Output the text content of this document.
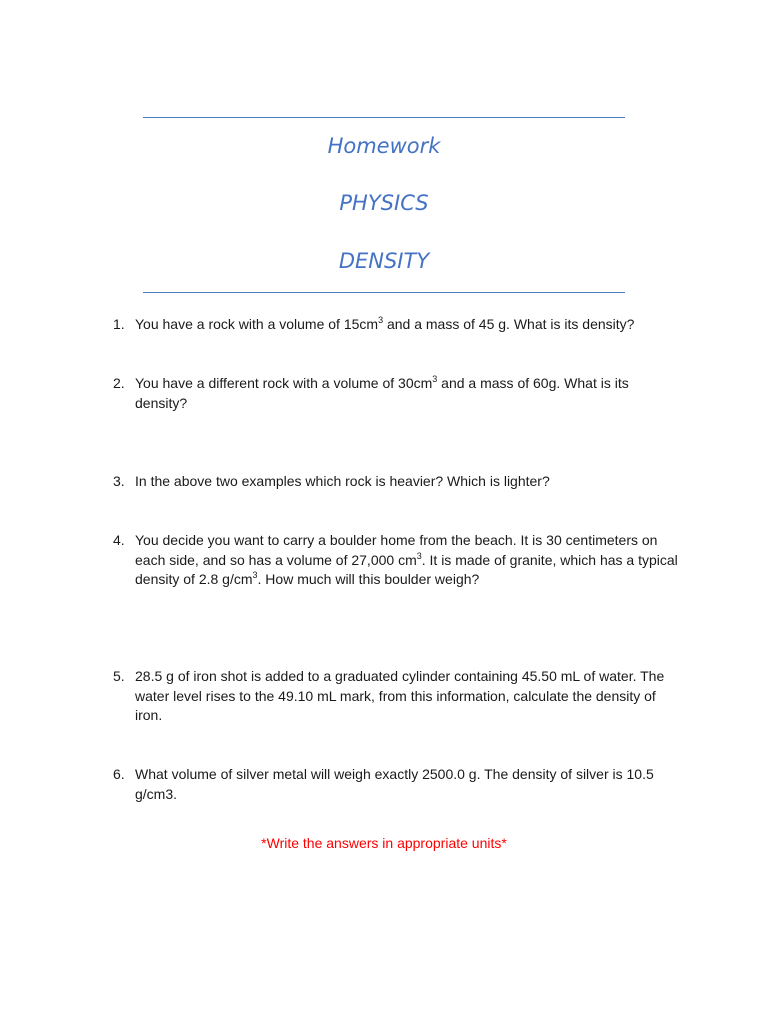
Homework
PHYSICS
DENSITY
1. You have a rock with a volume of $15cm^3$ and a mass of 45 g. What is its density?
2. You have a different rock with a volume of $30cm^3$ and a mass of 60g. What is its density?
3. In the above two examples which rock is heavier? Which is lighter?
4. You decide you want to carry a boulder home from the beach. It is 30 centimeters on each side, and so has a volume of 27,000 $cm^3$. It is made of granite, which has a typical density of 2.8 $g/cm^3$. How much will this boulder weigh?
5. 28.5 g of iron shot is added to a graduated cylinder containing 45.50 mL of water. The water level rises to the 49.10 mL mark, from this information, calculate the density of iron.
6. What volume of silver metal will weigh exactly 2500.0 g. The density of silver is 10.5 g/cm3.
*Write the answers in appropriate units*
